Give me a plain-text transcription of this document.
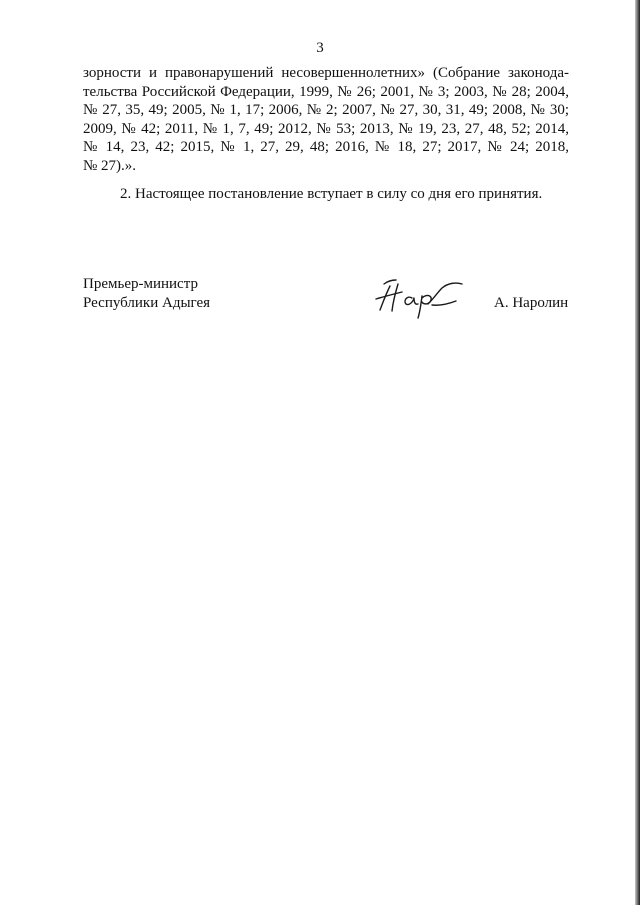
3
зорности и правонарушений несовершеннолетних» (Собрание законода-
тельства Российской Федерации, 1999, № 26; 2001, № 3; 2003, № 28; 2004,
№ 27, 35, 49; 2005, № 1, 17; 2006, № 2; 2007, № 27, 30, 31, 49; 2008, № 30;
2009, № 42; 2011, № 1, 7, 49; 2012, № 53; 2013, № 19, 23, 27, 48, 52; 2014,
№ 14, 23, 42; 2015, № 1, 27, 29, 48; 2016, № 18, 27; 2017, № 24; 2018,
№ 27).».
2. Настоящее постановление вступает в силу со дня его принятия.
Премьер-министр
Республики Адыгея	А. Наролин
